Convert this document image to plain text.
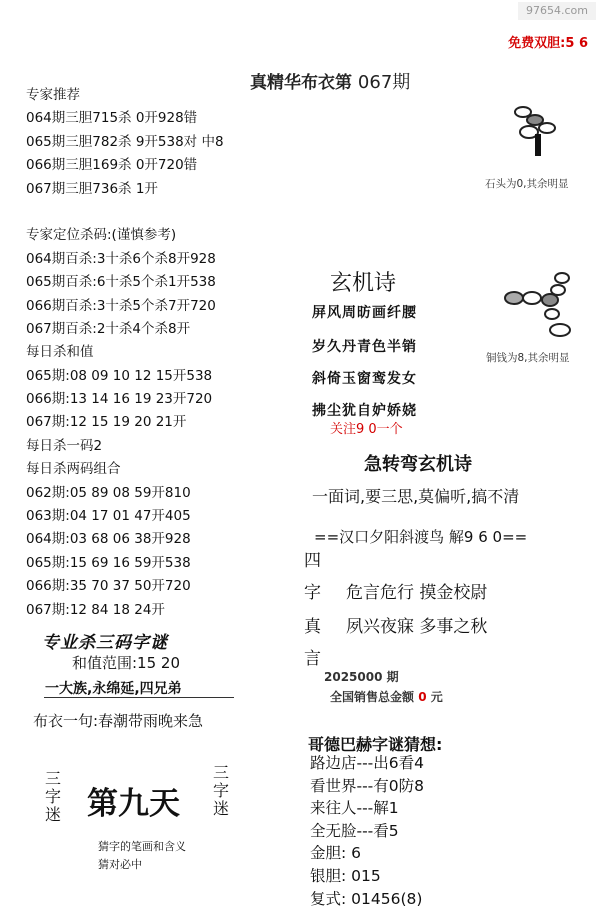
97654.com
免费双胆:5 6
真精华布衣第 067期
专家推荐
064期三胆715杀 0开928错
065期三胆782杀 9开538对 中8
066期三胆169杀 0开720错
067期三胆736杀 1开
专家定位杀码:(谨慎参考)
064期百杀:3十杀6个杀8开928
065期百杀:6十杀5个杀1开538
066期百杀:3十杀5个杀7开720
067期百杀:2十杀4个杀8开
每日杀和值
065期:08 09 10 12 15开538
066期:13 14 16 19 23开720
067期:12 15 19 20 21开
每日杀一码2
每日杀两码组合
062期:05 89 08 59开810
063期:04 17 01 47开405
064期:03 68 06 38开928
065期:15 69 16 59开538
066期:35 70 37 50开720
067期:12 84 18 24开
专业杀三码字谜
和值范围:15 20
一大族,永绵延,四兄弟
布衣一句:春潮带雨晚来急
三字迷 第九天
三字迷
猜字的笔画和含义
猜对必中
石头为0,其余明显
玄机诗
屏风周昉画纤腰
岁久丹青色半销
斜倚玉窗鸾发女
拂尘犹自妒娇娆
关注9 0一个
铜钱为8,其余明显
急转弯玄机诗
一面词,要三思,莫偏听,搞不清
==汉口夕阳斜渡鸟 解9 6 0==
四
字
真
言
危言危行 摸金校尉
夙兴夜寐 多事之秋
2025000 期
全国销售总金额 0 元
哥德巴赫字谜猜想:
路边店---出6看4
看世界---有0防8
来往人---解1
全无脸---看5
金胆: 6
银胆: 015
复式: 01456(8)
